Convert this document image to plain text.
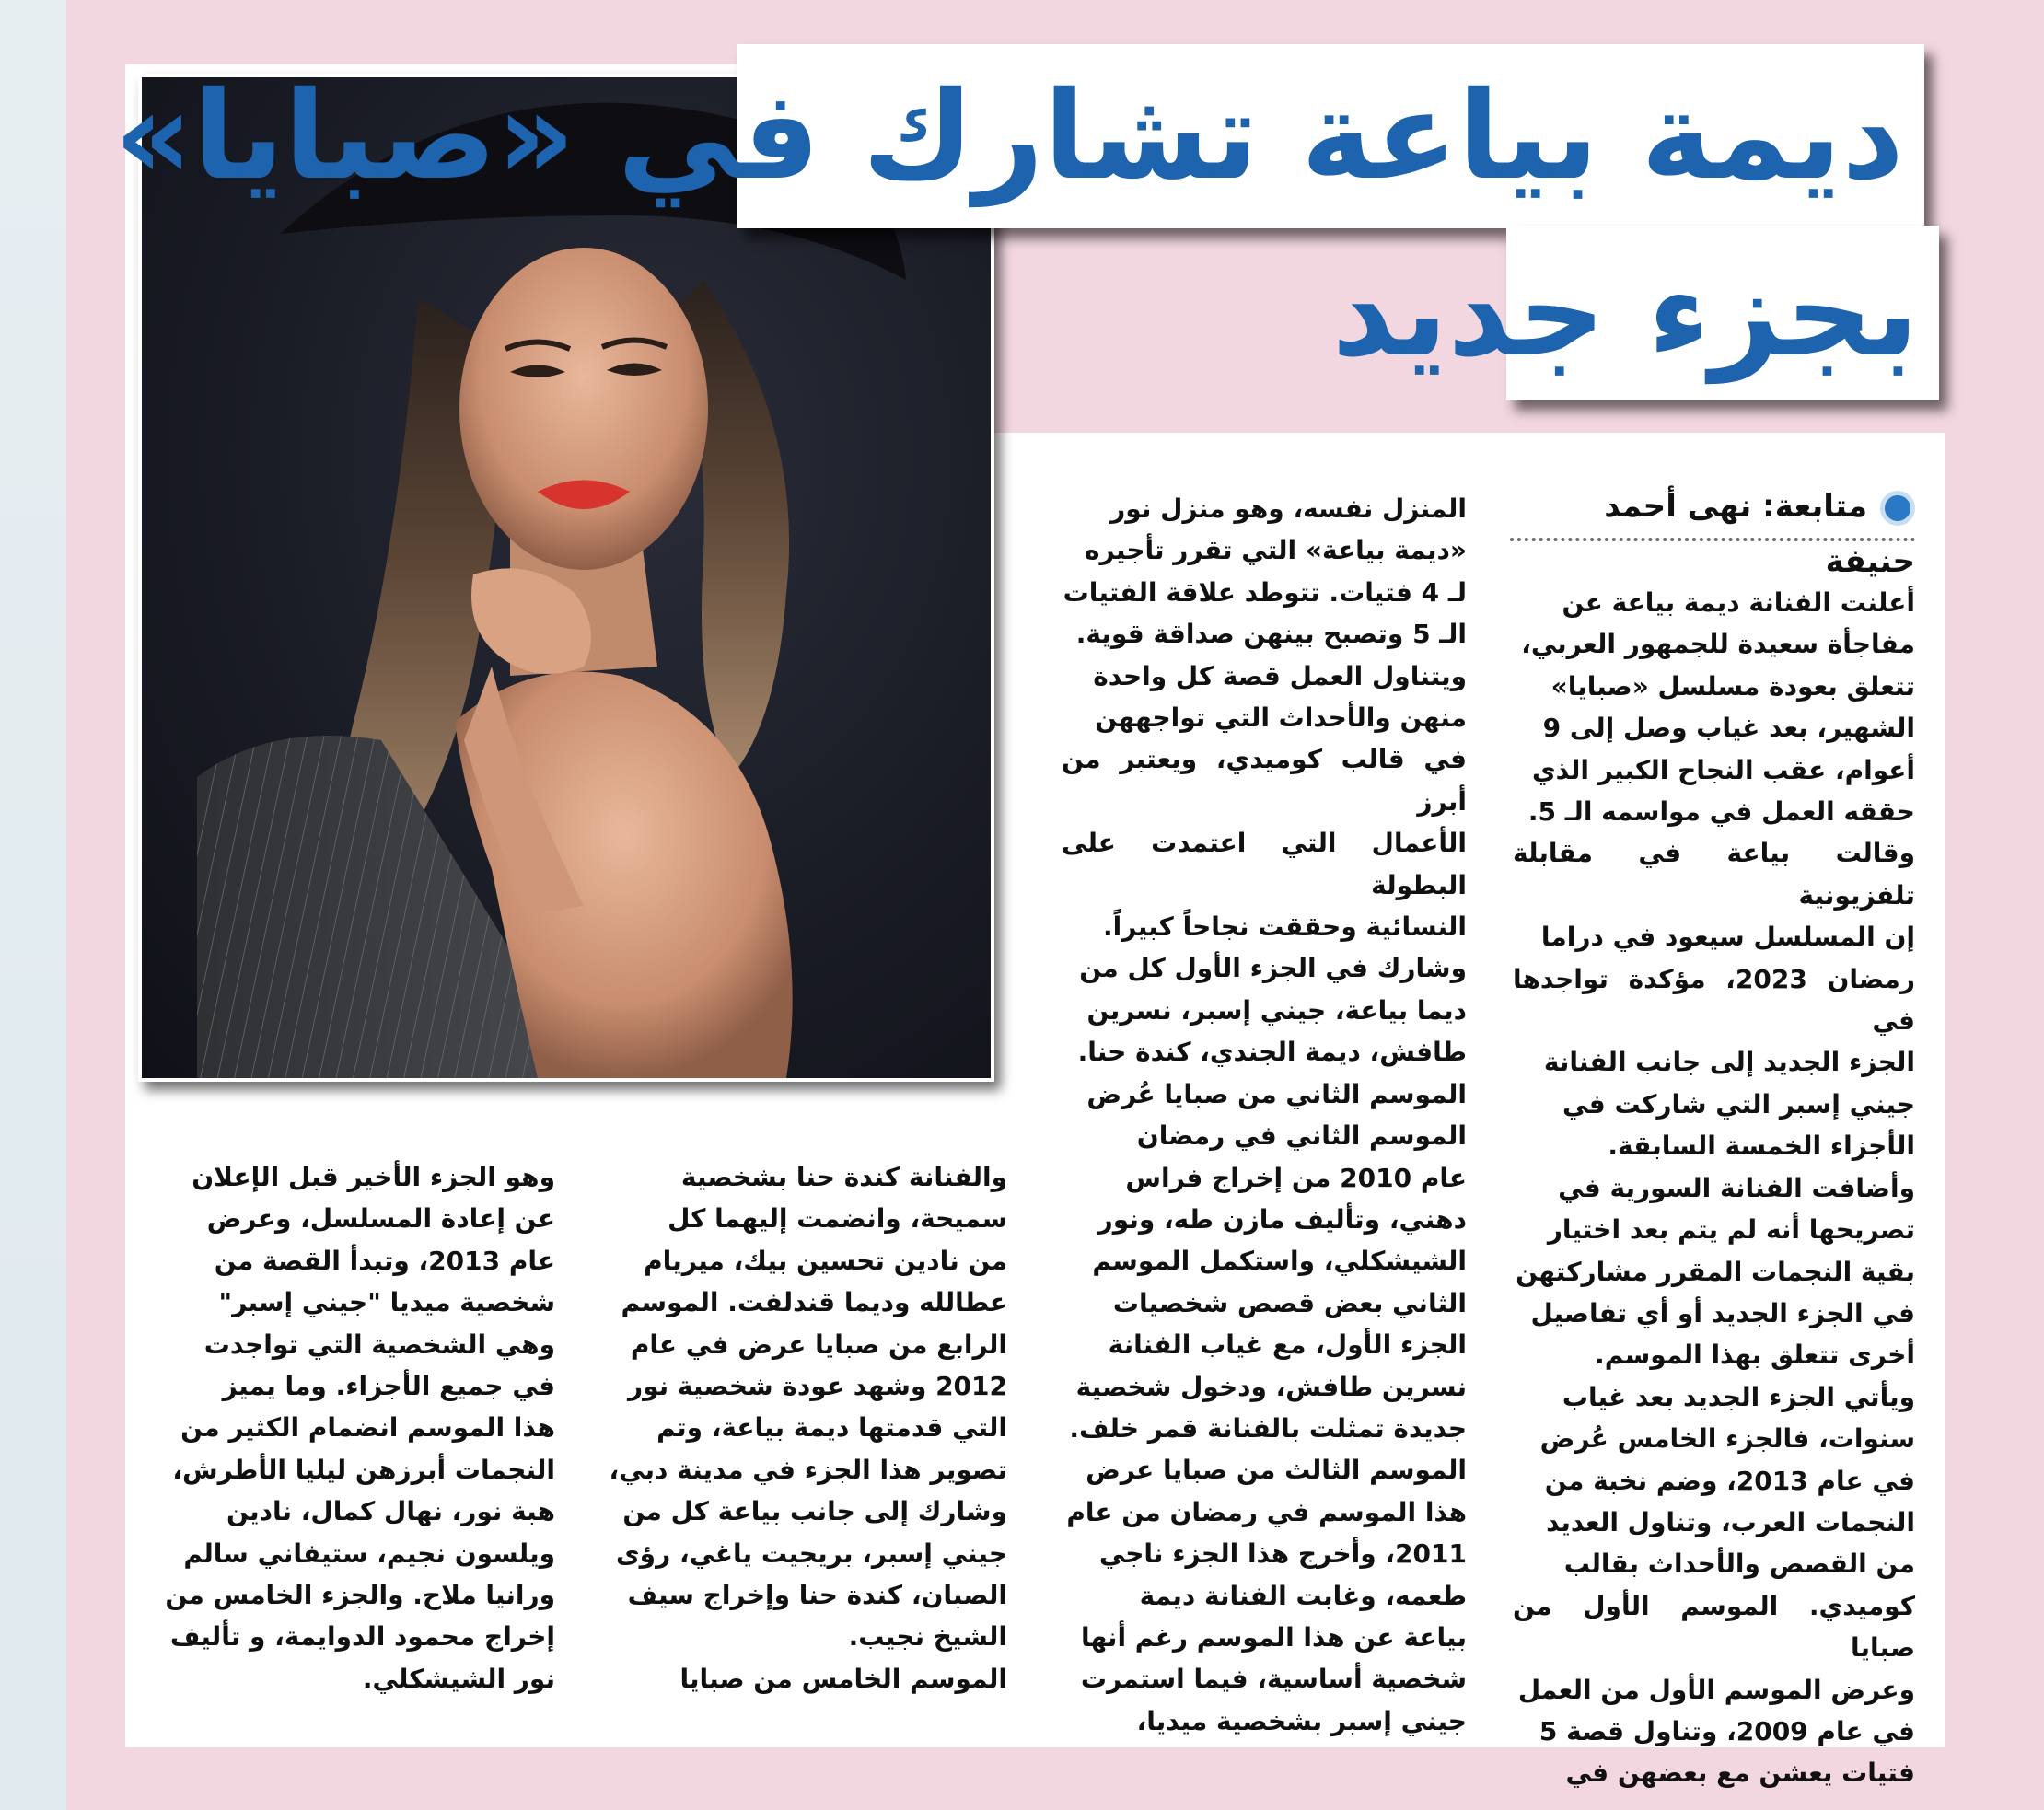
ديمة بياعة تشارك في «صبايا»
بجزء جديد
متابعة: نهى أحمد حنيفة
أعلنت الفنانة ديمة بياعة عن
مفاجأة سعيدة للجمهور العربي،
تتعلق بعودة مسلسل «صبايا»
الشهير، بعد غياب وصل إلى 9
أعوام، عقب النجاح الكبير الذي
حققه العمل في مواسمه الـ 5.
وقالت بياعة في مقابلة تلفزيونية
إن المسلسل سيعود في دراما
رمضان 2023، مؤكدة تواجدها في
الجزء الجديد إلى جانب الفنانة
جيني إسبر التي شاركت في
الأجزاء الخمسة السابقة.
وأضافت الفنانة السورية في
تصريحها أنه لم يتم بعد اختيار
بقية النجمات المقرر مشاركتهن
في الجزء الجديد أو أي تفاصيل
أخرى تتعلق بهذا الموسم.
ويأتي الجزء الجديد بعد غياب
سنوات، فالجزء الخامس عُرض
في عام 2013، وضم نخبة من
النجمات العرب، وتناول العديد
من القصص والأحداث بقالب
كوميدي. الموسم الأول من صبايا
وعرض الموسم الأول من العمل
في عام 2009، وتناول قصة 5
فتيات يعشن مع بعضهن في
المنزل نفسه، وهو منزل نور
«ديمة بياعة» التي تقرر تأجيره
لـ 4 فتيات. تتوطد علاقة الفتيات
الـ 5 وتصبح بينهن صداقة قوية.
ويتناول العمل قصة كل واحدة
منهن والأحداث التي تواجههن
في قالب كوميدي، ويعتبر من أبرز
الأعمال التي اعتمدت على البطولة
النسائية وحققت نجاحاً كبيراً.
وشارك في الجزء الأول كل من
ديما بياعة، جيني إسبر، نسرين
طافش، ديمة الجندي، كندة حنا.
الموسم الثاني من صبايا عُرض
الموسم الثاني في رمضان
عام 2010 من إخراج فراس
دهني، وتأليف مازن طه، ونور
الشيشكلي، واستكمل الموسم
الثاني بعض قصص شخصيات
الجزء الأول، مع غياب الفنانة
نسرين طافش، ودخول شخصية
جديدة تمثلت بالفنانة قمر خلف.
الموسم الثالث من صبايا عرض
هذا الموسم في رمضان من عام
2011، وأخرج هذا الجزء ناجي
طعمه، وغابت الفنانة ديمة
بياعة عن هذا الموسم رغم أنها
شخصية أساسية، فيما استمرت
جيني إسبر بشخصية ميديا،
والفنانة كندة حنا بشخصية
سميحة، وانضمت إليهما كل
من نادين تحسين بيك، ميريام
عطالله وديما قندلفت. الموسم
الرابع من صبايا عرض في عام
2012 وشهد عودة شخصية نور
التي قدمتها ديمة بياعة، وتم
تصوير هذا الجزء في مدينة دبي،
وشارك إلى جانب بياعة كل من
جيني إسبر، بريجيت ياغي، رؤى
الصبان، كندة حنا وإخراج سيف
الشيخ نجيب.
الموسم الخامس من صبايا
وهو الجزء الأخير قبل الإعلان
عن إعادة المسلسل، وعرض
عام 2013، وتبدأ القصة من
شخصية ميديا "جيني إسبر"
وهي الشخصية التي تواجدت
في جميع الأجزاء. وما يميز
هذا الموسم انضمام الكثير من
النجمات أبرزهن ليليا الأطرش،
هبة نور، نهال كمال، نادين
ويلسون نجيم، ستيفاني سالم
ورانيا ملاح. والجزء الخامس من
إخراج محمود الدوايمة، و تأليف
نور الشيشكلي.
